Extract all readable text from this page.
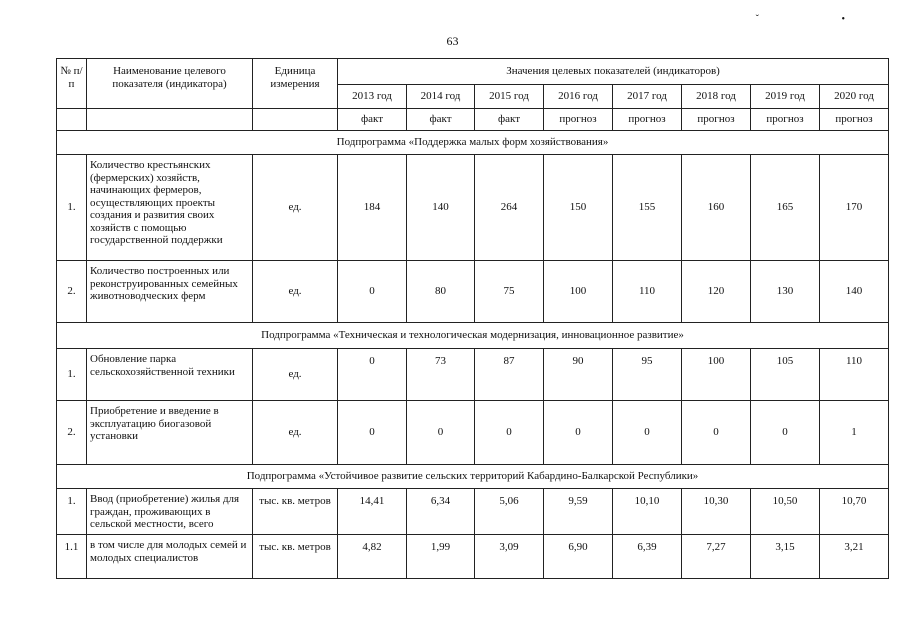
63
ˇ •
№ п/п	Наименование целевого показателя (индикатора)	Единица измерения	Значения целевых показателей (индикаторов)							
			2013 год	2014 год	2015 год	2016 год	2017 год	2018 год	2019 год	2020 год
			факт	факт	факт	прогноз	прогноз	прогноз	прогноз	прогноз
Подпрограмма «Поддержка малых форм хозяйствования»										
1.	Количество крестьянских (фермерских) хозяйств, начинающих фермеров, осуществляющих проекты создания и развития своих хозяйств с помощью государственной поддержки	ед.	184	140	264	150	155	160	165	170
2.	Количество построенных или реконструированных семейных животноводческих ферм	ед.	0	80	75	100	110	120	130	140
Подпрограмма «Техническая и технологическая модернизация, инновационное развитие»										
1.	Обновление парка сельскохозяйственной техники	ед.	0	73	87	90	95	100	105	110
2.	Приобретение и введение в эксплуатацию биогазовой установки	ед.	0	0	0	0	0	0	0	1
Подпрограмма «Устойчивое развитие сельских территорий Кабардино-Балкарской Республики»										
1.	Ввод (приобретение) жилья для граждан, проживающих в сельской местности, всего	тыс. кв. метров	14,41	6,34	5,06	9,59	10,10	10,30	10,50	10,70
1.1	в том числе для молодых семей и молодых специалистов	тыс. кв. метров	4,82	1,99	3,09	6,90	6,39	7,27	3,15	3,21
